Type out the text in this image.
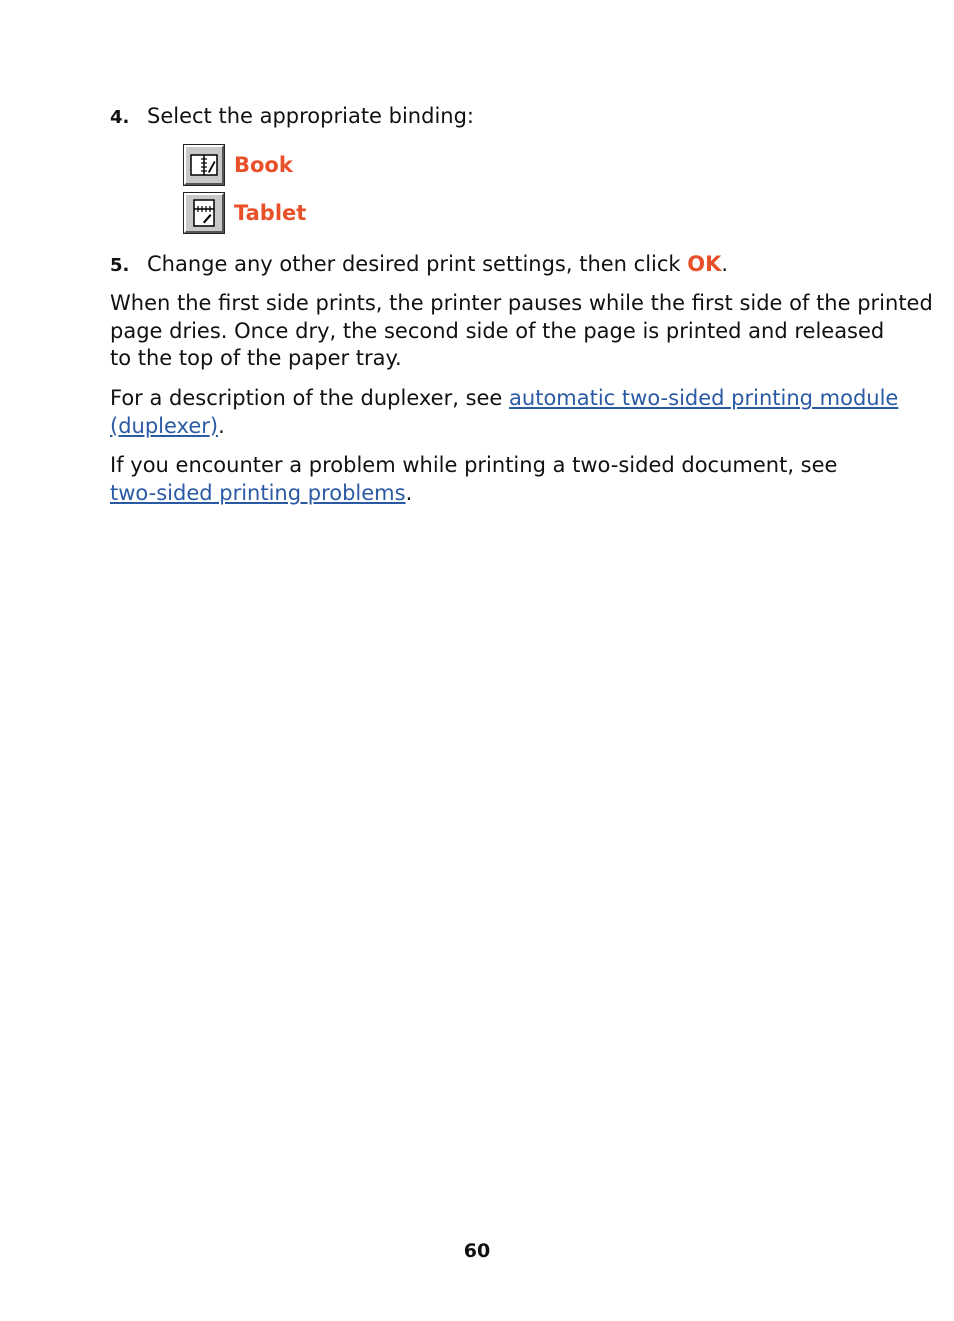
4. Select the appropriate binding:
Book
Tablet
5. Change any other desired print settings, then click OK.
When the first side prints, the printer pauses while the first side of the printed
page dries. Once dry, the second side of the page is printed and released
to the top of the paper tray.
For a description of the duplexer, see automatic two-sided printing module
(duplexer).
If you encounter a problem while printing a two-sided document, see
two-sided printing problems.
60
